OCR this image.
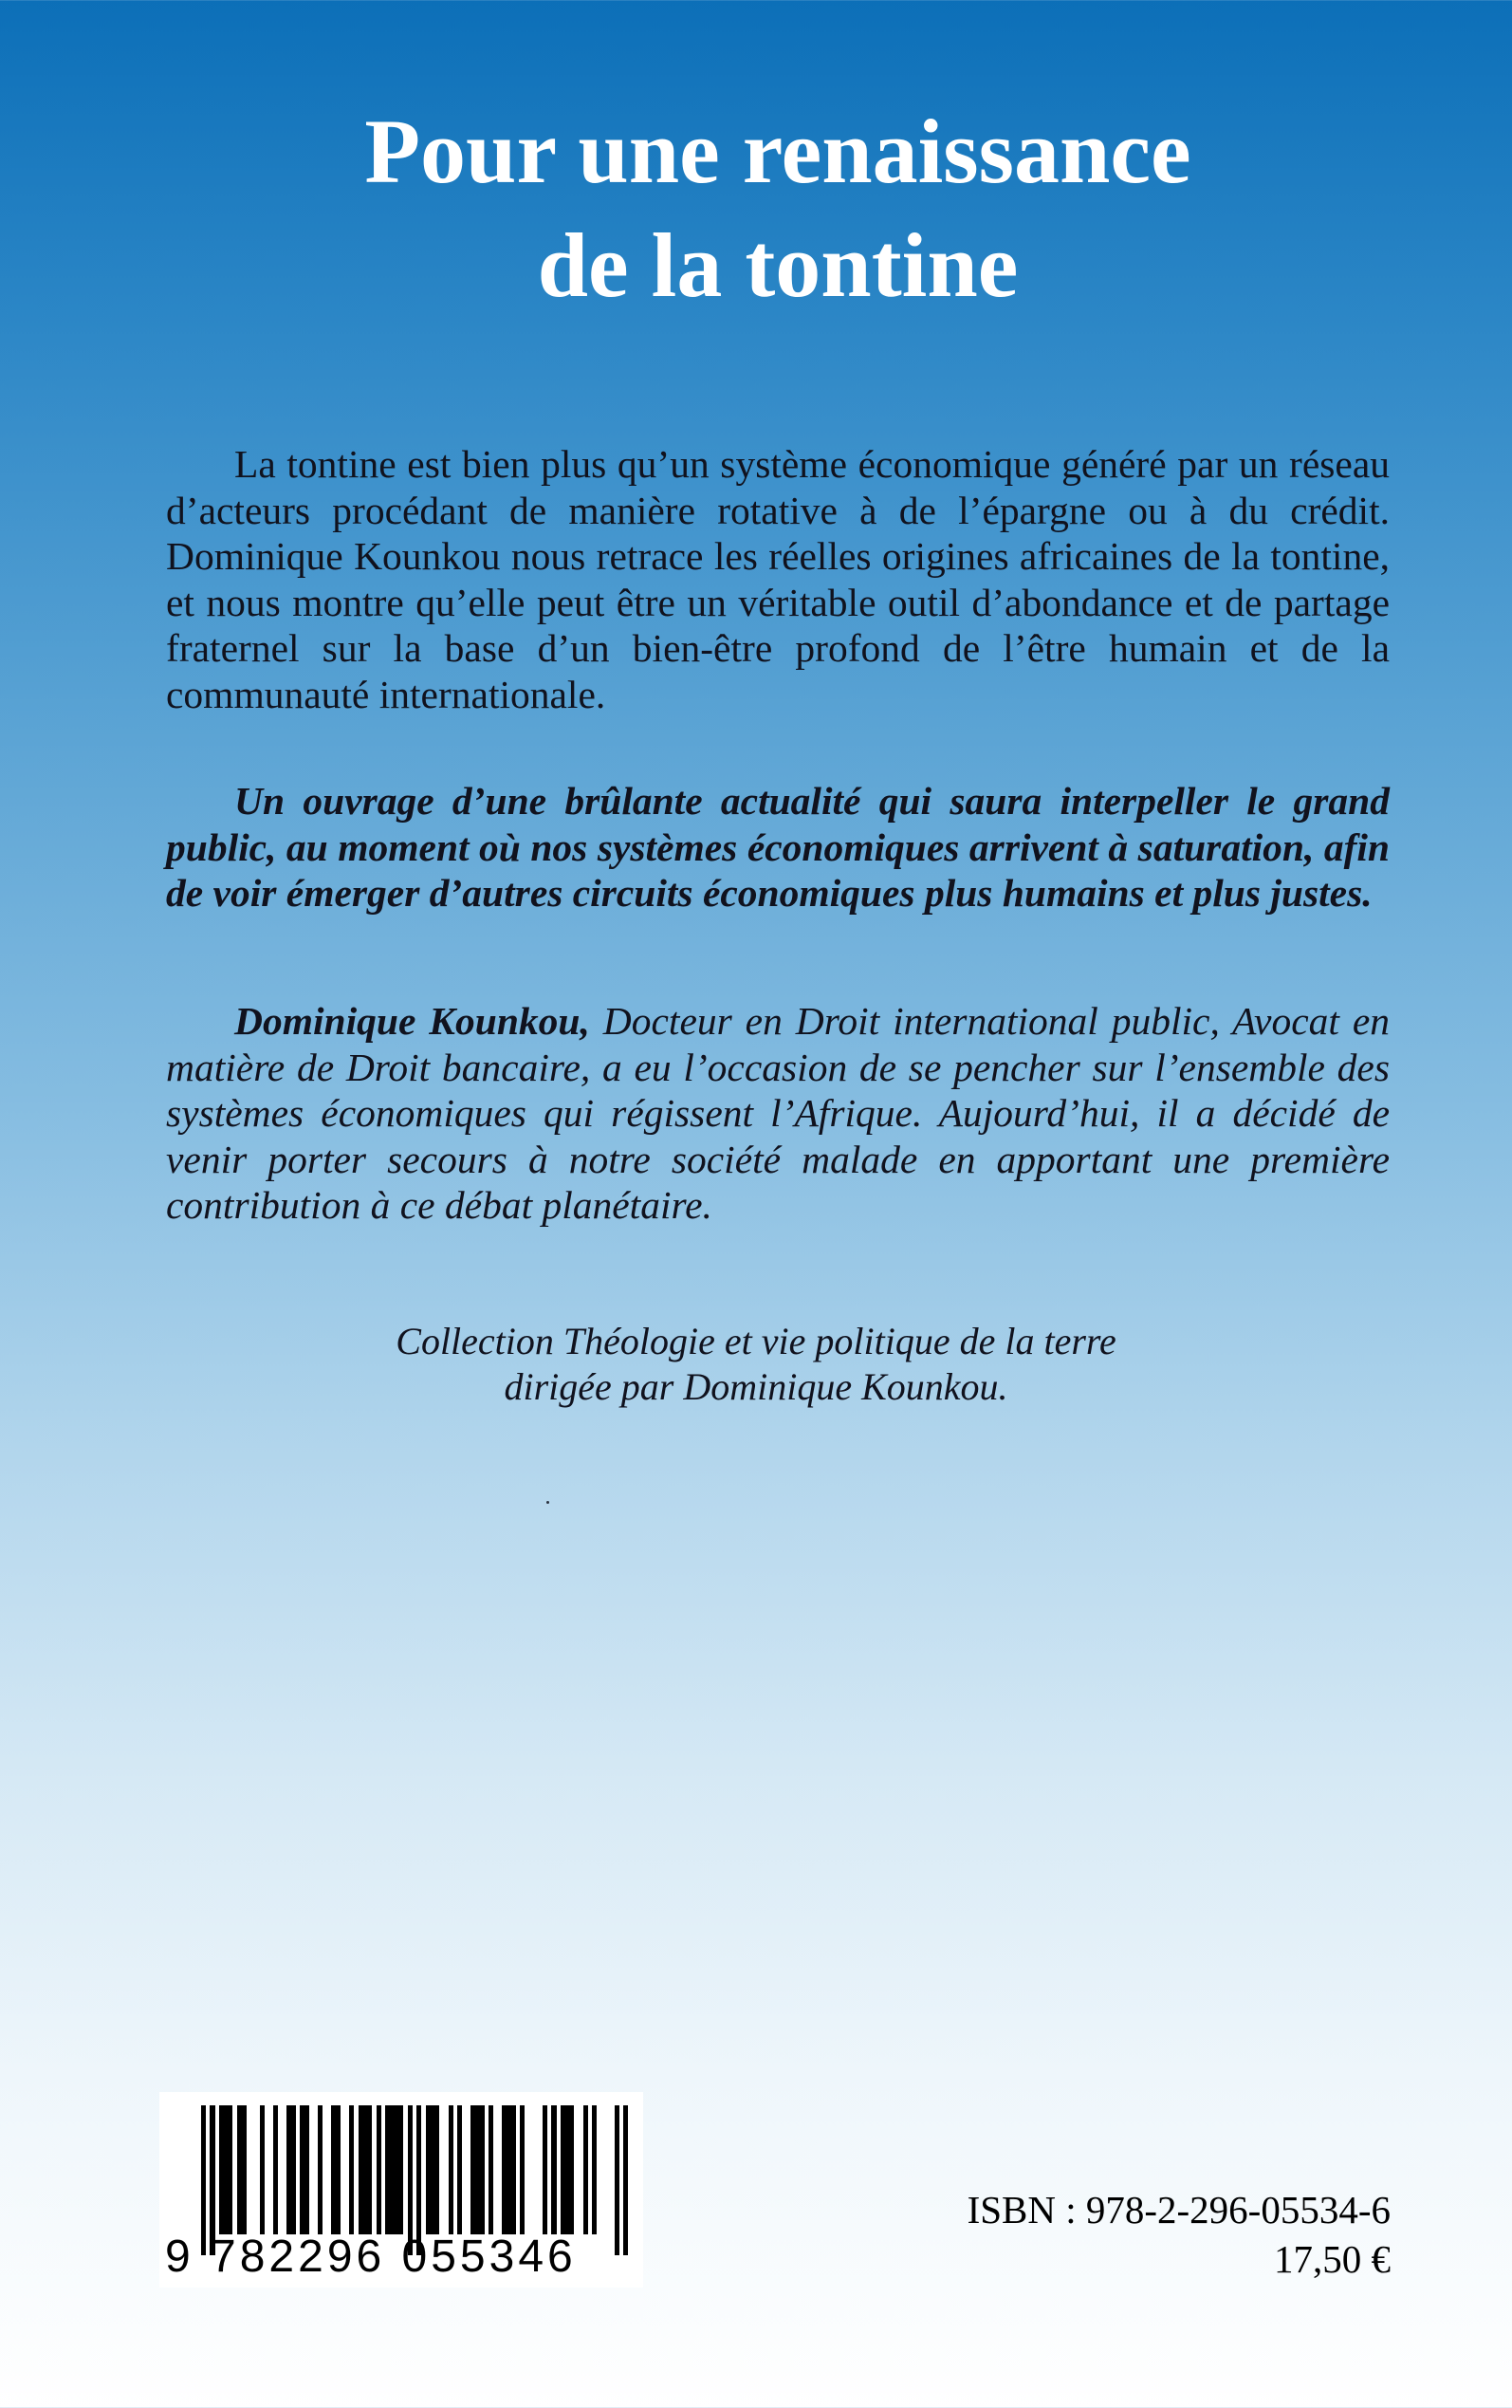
Pour une renaissance
de la tontine

La tontine est bien plus qu’un système économique généré par un réseau d’acteurs procédant de manière rotative à de l’épargne ou à du crédit. Dominique Kounkou nous retrace les réelles origines africaines de la tontine, et nous montre qu’elle peut être un véritable outil d’abondance et de partage fraternel sur la base d’un bien-être profond de l’être humain et de la communauté internationale.

Un ouvrage d’une brûlante actualité qui saura interpeller le grand public, au moment où nos systèmes économiques arrivent à saturation, afin de voir émerger d’autres circuits économiques plus humains et plus justes.

Dominique Kounkou, Docteur en Droit international public, Avocat en matière de Droit bancaire, a eu l’occasion de se pencher sur l’ensemble des systèmes économiques qui régissent l’Afrique. Aujourd’hui, il a décidé de venir porter secours à notre société malade en apportant une première contribution à ce débat planétaire.

Collection Théologie et vie politique de la terre
dirigée par Dominique Kounkou.
9 782296 055346
ISBN : 978-2-296-05534-6
17,50 €
